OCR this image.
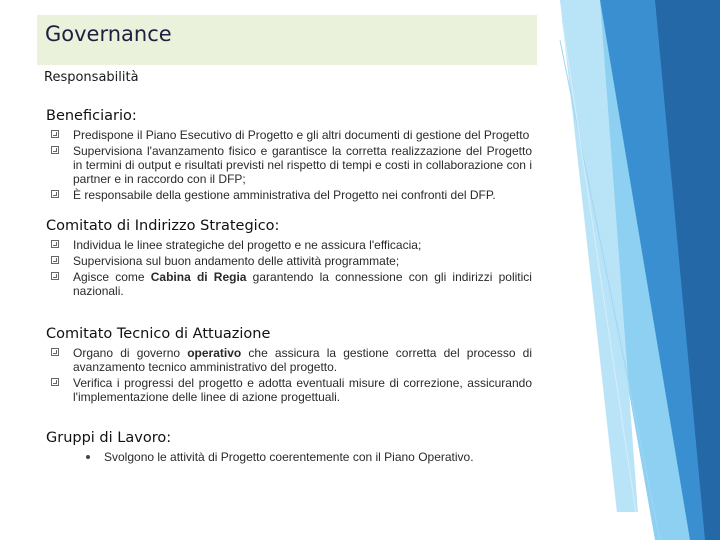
Governance
Responsabilità
Beneficiario:
Predispone il Piano Esecutivo di Progetto e gli altri documenti di gestione del Progetto
Supervisiona l'avanzamento fisico e garantisce la corretta realizzazione del Progetto in termini di output e risultati previsti nel rispetto di tempi e costi in collaborazione con i partner e in raccordo con il DFP;
È responsabile della gestione amministrativa del Progetto nei confronti del DFP.
Comitato di Indirizzo Strategico:
Individua le linee strategiche del progetto e ne assicura l'efficacia;
Supervisiona sul buon andamento delle attività programmate;
Agisce come Cabina di Regia garantendo la connessione con gli indirizzi politici nazionali.
Comitato Tecnico di Attuazione
Organo di governo operativo che assicura la gestione corretta del processo di avanzamento tecnico amministrativo del progetto.
Verifica i progressi del progetto e adotta eventuali misure di correzione, assicurando l'implementazione delle linee di azione progettuali.
Gruppi di Lavoro:
Svolgono le attività di Progetto coerentemente con il Piano Operativo.
